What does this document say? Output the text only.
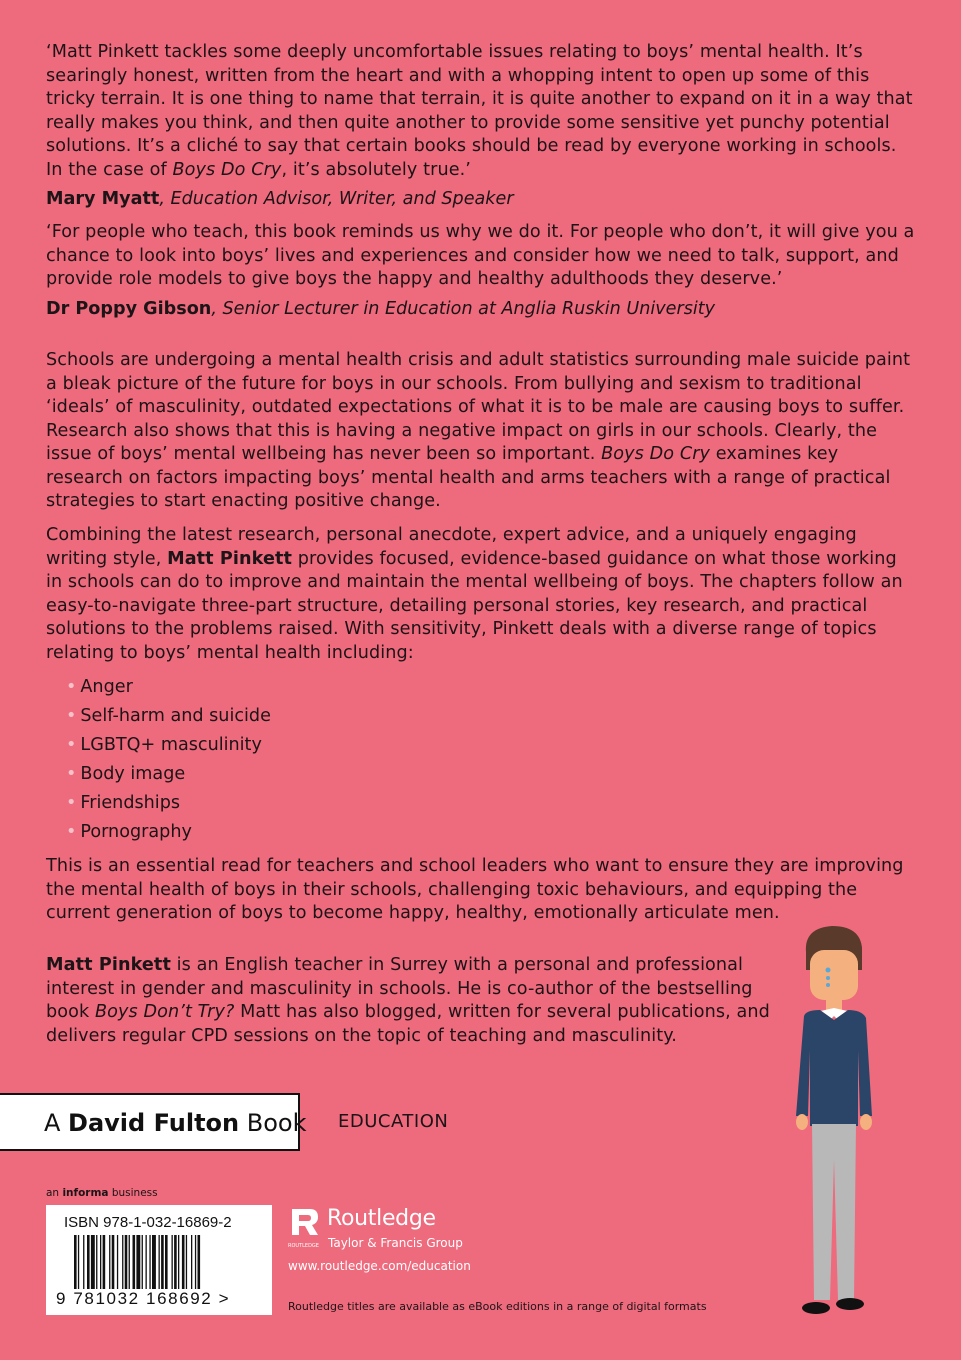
‘Matt Pinkett tackles some deeply uncomfortable issues relating to boys’ mental health. It’s searingly honest, written from the heart and with a whopping intent to open up some of this tricky terrain. It is one thing to name that terrain, it is quite another to expand on it in a way that really makes you think, and then quite another to provide some sensitive yet punchy potential solutions. It’s a cliché to say that certain books should be read by everyone working in schools. In the case of Boys Do Cry, it’s absolutely true.’

Mary Myatt, Education Advisor, Writer, and Speaker

‘For people who teach, this book reminds us why we do it. For people who don’t, it will give you a chance to look into boys’ lives and experiences and consider how we need to talk, support, and provide role models to give boys the happy and healthy adulthoods they deserve.’

Dr Poppy Gibson, Senior Lecturer in Education at Anglia Ruskin University

Schools are undergoing a mental health crisis and adult statistics surrounding male suicide paint a bleak picture of the future for boys in our schools. From bullying and sexism to traditional ‘ideals’ of masculinity, outdated expectations of what it is to be male are causing boys to suffer. Research also shows that this is having a negative impact on girls in our schools. Clearly, the issue of boys’ mental wellbeing has never been so important. Boys Do Cry examines key research on factors impacting boys’ mental health and arms teachers with a range of practical strategies to start enacting positive change.

Combining the latest research, personal anecdote, expert advice, and a uniquely engaging writing style, Matt Pinkett provides focused, evidence-based guidance on what those working in schools can do to improve and maintain the mental wellbeing of boys. The chapters follow an easy-to-navigate three-part structure, detailing personal stories, key research, and practical solutions to the problems raised. With sensitivity, Pinkett deals with a diverse range of topics relating to boys’ mental health including:

• Anger
• Self-harm and suicide
• LGBTQ+ masculinity
• Body image
• Friendships
• Pornography

This is an essential read for teachers and school leaders who want to ensure they are improving the mental health of boys in their schools, challenging toxic behaviours, and equipping the current generation of boys to become happy, healthy, emotionally articulate men.

Matt Pinkett is an English teacher in Surrey with a personal and professional interest in gender and masculinity in schools. He is co-author of the bestselling book Boys Don’t Try? Matt has also blogged, written for several publications, and delivers regular CPD sessions on the topic of teaching and masculinity.

A David Fulton Book EDUCATION
an informa business
ISBN 978-1-032-16869-2
9 781032 168692 >
ROUTLEDGE
Routledge
Taylor & Francis Group
www.routledge.com/education
Routledge titles are available as eBook editions in a range of digital formats
